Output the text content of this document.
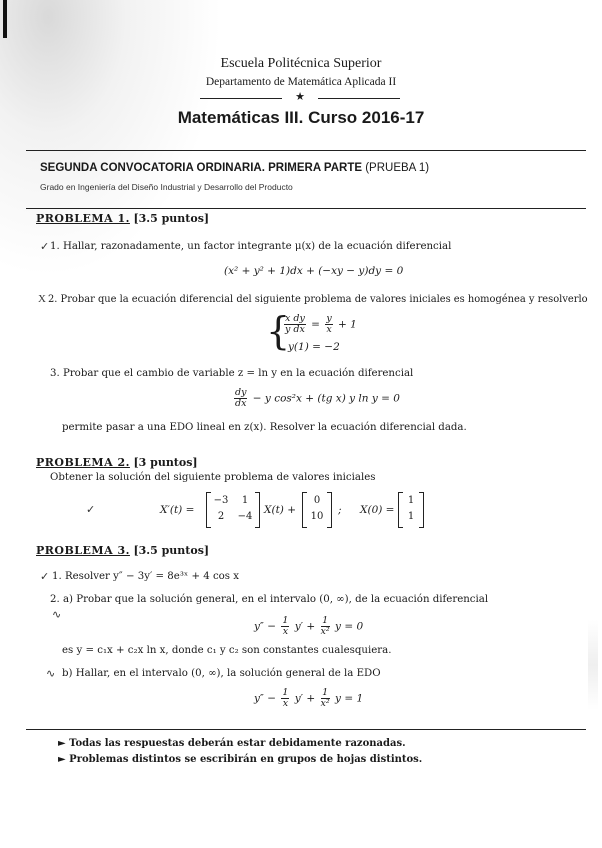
Escuela Politécnica Superior
Departamento de Matemática Aplicada II
★
Matemáticas III. Curso 2016-17
SEGUNDA CONVOCATORIA ORDINARIA. PRIMERA PARTE (PRUEBA 1)
Grado en Ingeniería del Diseño Industrial y Desarrollo del Producto
PROBLEMA 1. [3.5 puntos]
✓ 1. Hallar, razonadamente, un factor integrante μ(x) de la ecuación diferencial
(x² + y² + 1)dx + (−xy − y)dy = 0
X 2. Probar que la ecuación diferencial del siguiente problema de valores iniciales es homogénea y resolverlo
{
$\frac{\text{x dy}}{\text{y dx}} = \frac{y}{x} + 1$
y(1) = −2
3. Probar que el cambio de variable z = ln y en la ecuación diferencial
$\frac{dy}{dx} - y$ cos²x + (tg x) y ln y = 0
permite pasar a una EDO lineal en z(x). Resolver la ecuación diferencial dada.
PROBLEMA 2. [3 puntos]
Obtener la solución del siguiente problema de valores iniciales
✓	X′(t) =
−3	1
2	−4
X(t) +
0
10
; X(0) =
1
1
PROBLEMA 3. [3.5 puntos]
✓ 1. Resolver y″ − 3y′ = 8e³ˣ + 4 cos x
2. a) Probar que la solución general, en el intervalo (0, ∞), de la ecuación diferencial
∿
$y'' - \frac{1}{x} y' + \frac{1}{\text{x²}}$ y = 0
es y = c₁x + c₂x ln x, donde c₁ y c₂ son constantes cualesquiera.
∿ b) Hallar, en el intervalo (0, ∞), la solución general de la EDO
$y'' - \frac{1}{x} y' + \frac{1}{\text{x²}}$ y = 1
► Todas las respuestas deberán estar debidamente razonadas.
► Problemas distintos se escribirán en grupos de hojas distintos.
